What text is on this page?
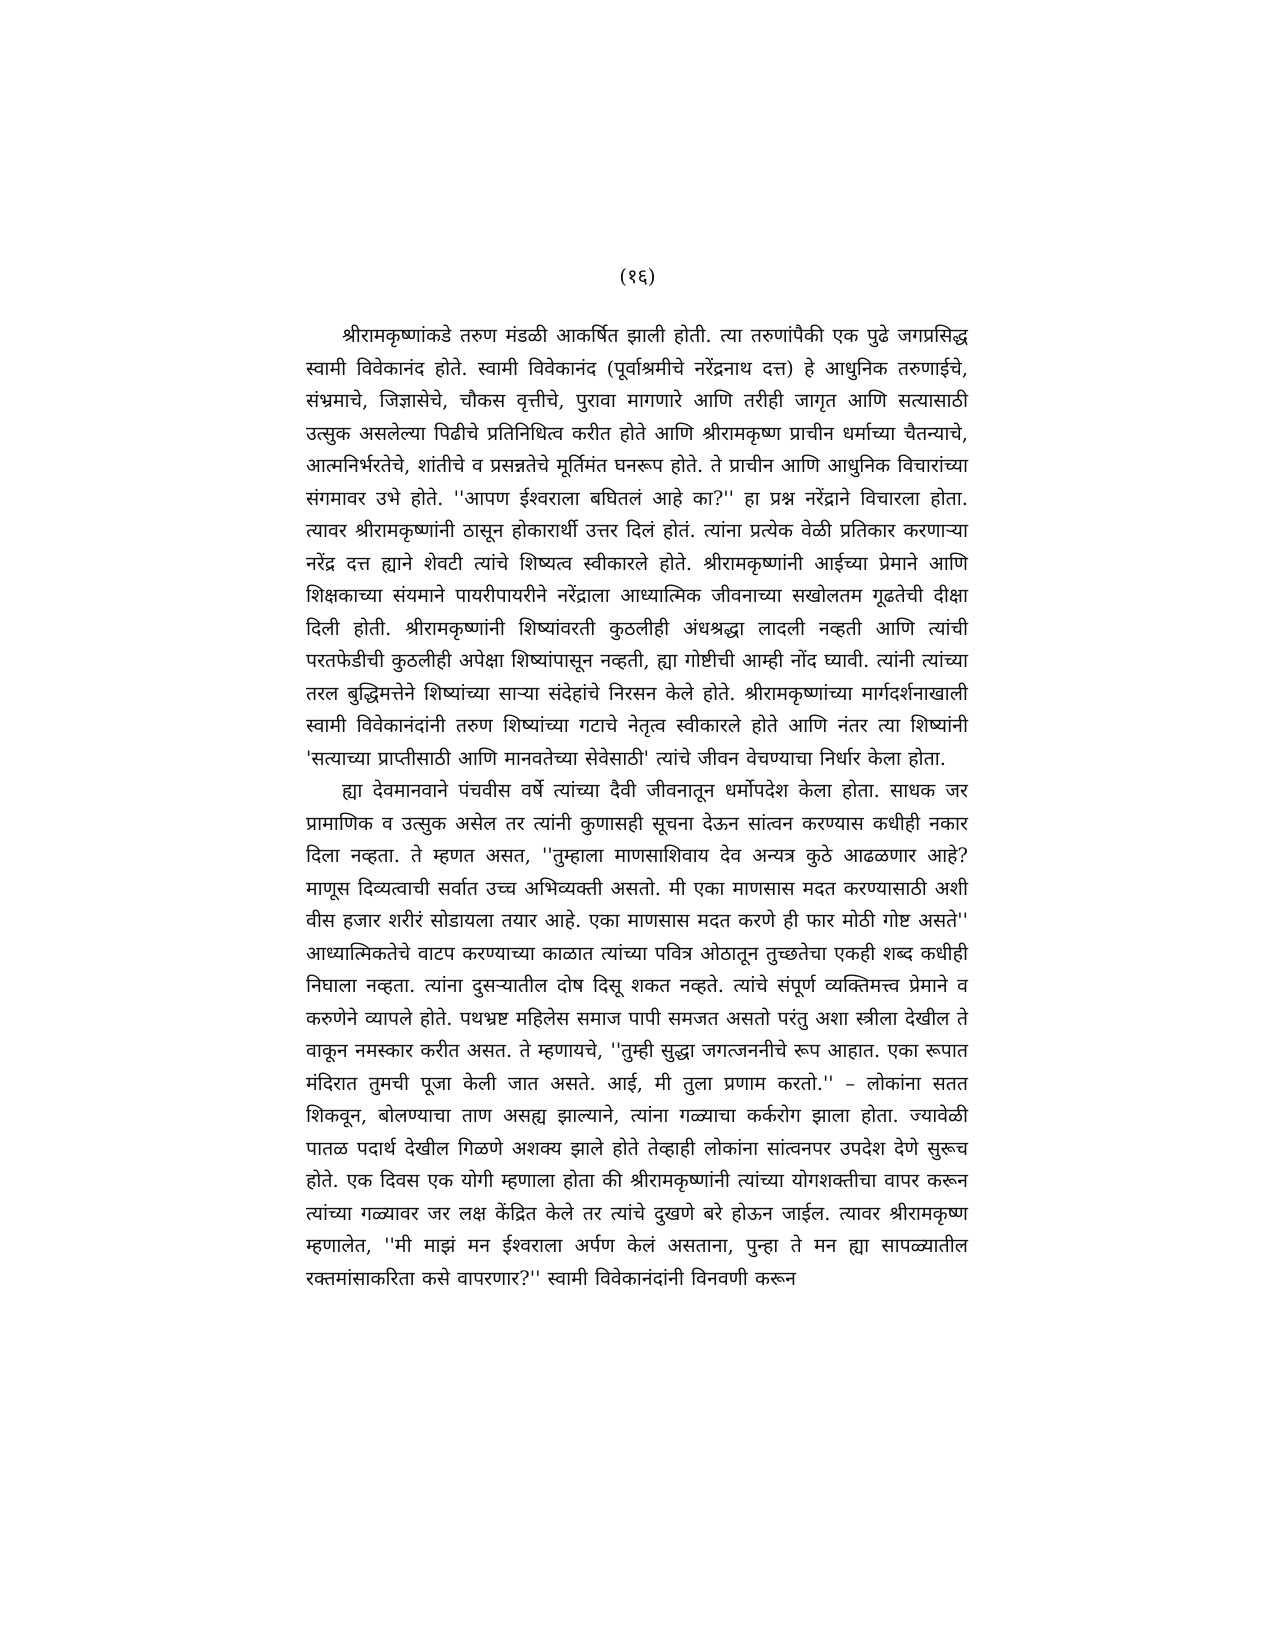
(१६)

श्रीरामकृष्णांकडे तरुण मंडळी आकर्षित झाली होती. त्या तरुणांपैकी एक पुढे जगप्रसिद्ध स्वामी विवेकानंद होते. स्वामी विवेकानंद (पूर्वाश्रमीचे नरेंद्रनाथ दत्त) हे आधुनिक तरुणाईचे, संभ्रमाचे, जिज्ञासेचे, चौकस वृत्तीचे, पुरावा मागणारे आणि तरीही जागृत आणि सत्यासाठी उत्सुक असलेल्या पिढीचे प्रतिनिधित्व करीत होते आणि श्रीरामकृष्ण प्राचीन धर्माच्या चैतन्याचे, आत्मनिर्भरतेचे, शांतीचे व प्रसन्नतेचे मूर्तिमंत घनरूप होते. ते प्राचीन आणि आधुनिक विचारांच्या संगमावर उभे होते. ''आपण ईश्वराला बघितलं आहे का?'' हा प्रश्न नरेंद्राने विचारला होता. त्यावर श्रीरामकृष्णांनी ठासून होकारार्थी उत्तर दिलं होतं. त्यांना प्रत्येक वेळी प्रतिकार करणाऱ्या नरेंद्र दत्त ह्याने शेवटी त्यांचे शिष्यत्व स्वीकारले होते. श्रीरामकृष्णांनी आईच्या प्रेमाने आणि शिक्षकाच्या संयमाने पायरीपायरीने नरेंद्राला आध्यात्मिक जीवनाच्या सखोलतम गूढतेची दीक्षा दिली होती. श्रीरामकृष्णांनी शिष्यांवरती कुठलीही अंधश्रद्धा लादली नव्हती आणि त्यांची परतफेडीची कुठलीही अपेक्षा शिष्यांपासून नव्हती, ह्या गोष्टीची आम्ही नोंद घ्यावी. त्यांनी त्यांच्या तरल बुद्धिमत्तेने शिष्यांच्या साऱ्या संदेहांचे निरसन केले होते. श्रीरामकृष्णांच्या मार्गदर्शनाखाली स्वामी विवेकानंदांनी तरुण शिष्यांच्या गटाचे नेतृत्व स्वीकारले होते आणि नंतर त्या शिष्यांनी 'सत्याच्या प्राप्तीसाठी आणि मानवतेच्या सेवेसाठी' त्यांचे जीवन वेचण्याचा निर्धार केला होता.

ह्या देवमानवाने पंचवीस वर्षे त्यांच्या दैवी जीवनातून धर्मोपदेश केला होता. साधक जर प्रामाणिक व उत्सुक असेल तर त्यांनी कुणासही सूचना देऊन सांत्वन करण्यास कधीही नकार दिला नव्हता. ते म्हणत असत, ''तुम्हाला माणसाशिवाय देव अन्यत्र कुठे आढळणार आहे? माणूस दिव्यत्वाची सर्वात उच्च अभिव्यक्ती असतो. मी एका माणसास मदत करण्यासाठी अशी वीस हजार शरीरं सोडायला तयार आहे. एका माणसास मदत करणे ही फार मोठी गोष्ट असते'' आध्यात्मिकतेचे वाटप करण्याच्या काळात त्यांच्या पवित्र ओठातून तुच्छतेचा एकही शब्द कधीही निघाला नव्हता. त्यांना दुसऱ्यातील दोष दिसू शकत नव्हते. त्यांचे संपूर्ण व्यक्तिमत्त्व प्रेमाने व करुणेने व्यापले होते. पथभ्रष्ट महिलेस समाज पापी समजत असतो परंतु अशा स्त्रीला देखील ते वाकून नमस्कार करीत असत. ते म्हणायचे, ''तुम्ही सुद्धा जगत्जननीचे रूप आहात. एका रूपात मंदिरात तुमची पूजा केली जात असते. आई, मी तुला प्रणाम करतो.'' – लोकांना सतत शिकवून, बोलण्याचा ताण असह्य झाल्याने, त्यांना गळ्याचा कर्करोग झाला होता. ज्यावेळी पातळ पदार्थ देखील गिळणे अशक्य झाले होते तेव्हाही लोकांना सांत्वनपर उपदेश देणे सुरूच होते. एक दिवस एक योगी म्हणाला होता की श्रीरामकृष्णांनी त्यांच्या योगशक्तीचा वापर करून त्यांच्या गळ्यावर जर लक्ष केंद्रित केले तर त्यांचे दुखणे बरे होऊन जाईल. त्यावर श्रीरामकृष्ण म्हणालेत, ''मी माझं मन ईश्वराला अर्पण केलं असताना, पुन्हा ते मन ह्या सापळ्यातील रक्तमांसाकरिता कसे वापरणार?'' स्वामी विवेकानंदांनी विनवणी करून
